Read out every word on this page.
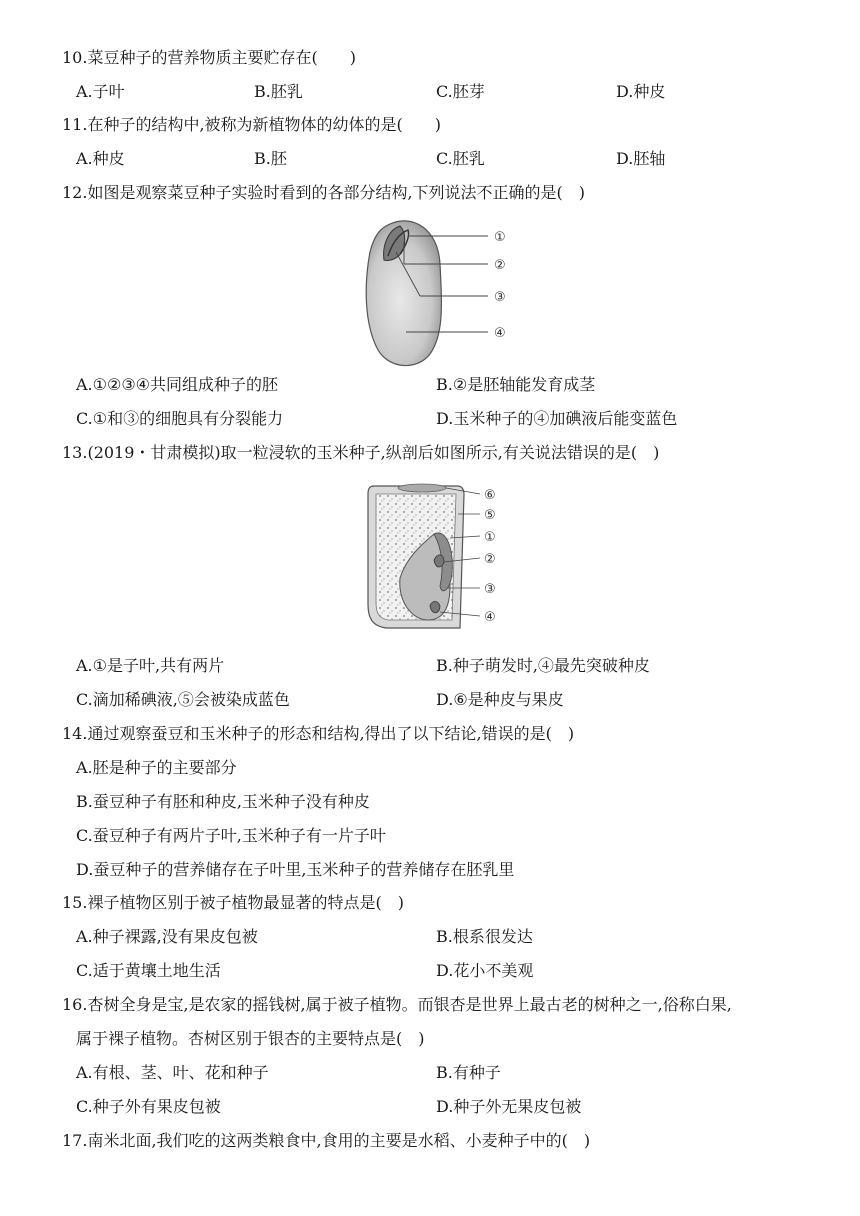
10.菜豆种子的营养物质主要贮存在(　　)
A.子叶	B.胚乳	C.胚芽	D.种皮
11.在种子的结构中,被称为新植物体的幼体的是(　　)
A.种皮	B.胚	C.胚乳	D.胚轴
12.如图是观察菜豆种子实验时看到的各部分结构,下列说法不正确的是(　)
①
②
③
④
A.①②③④共同组成种子的胚	B.②是胚轴能发育成茎
C.①和③的细胞具有分裂能力	D.玉米种子的④加碘液后能变蓝色
13.(2019・甘肃模拟)取一粒浸软的玉米种子,纵剖后如图所示,有关说法错误的是(　)
⑥
⑤
①
②
③
④
A.①是子叶,共有两片	B.种子萌发时,④最先突破种皮
C.滴加稀碘液,⑤会被染成蓝色	D.⑥是种皮与果皮
14.通过观察蚕豆和玉米种子的形态和结构,得出了以下结论,错误的是(　)
A.胚是种子的主要部分
B.蚕豆种子有胚和种皮,玉米种子没有种皮
C.蚕豆种子有两片子叶,玉米种子有一片子叶
D.蚕豆种子的营养储存在子叶里,玉米种子的营养储存在胚乳里
15.裸子植物区别于被子植物最显著的特点是(　)
A.种子裸露,没有果皮包被	B.根系很发达
C.适于黄壤土地生活	D.花小不美观
16.杏树全身是宝,是农家的摇钱树,属于被子植物。而银杏是世界上最古老的树种之一,俗称白果,
属于裸子植物。杏树区别于银杏的主要特点是(　)
A.有根、茎、叶、花和种子	B.有种子
C.种子外有果皮包被	D.种子外无果皮包被
17.南米北面,我们吃的这两类粮食中,食用的主要是水稻、小麦种子中的(　)
